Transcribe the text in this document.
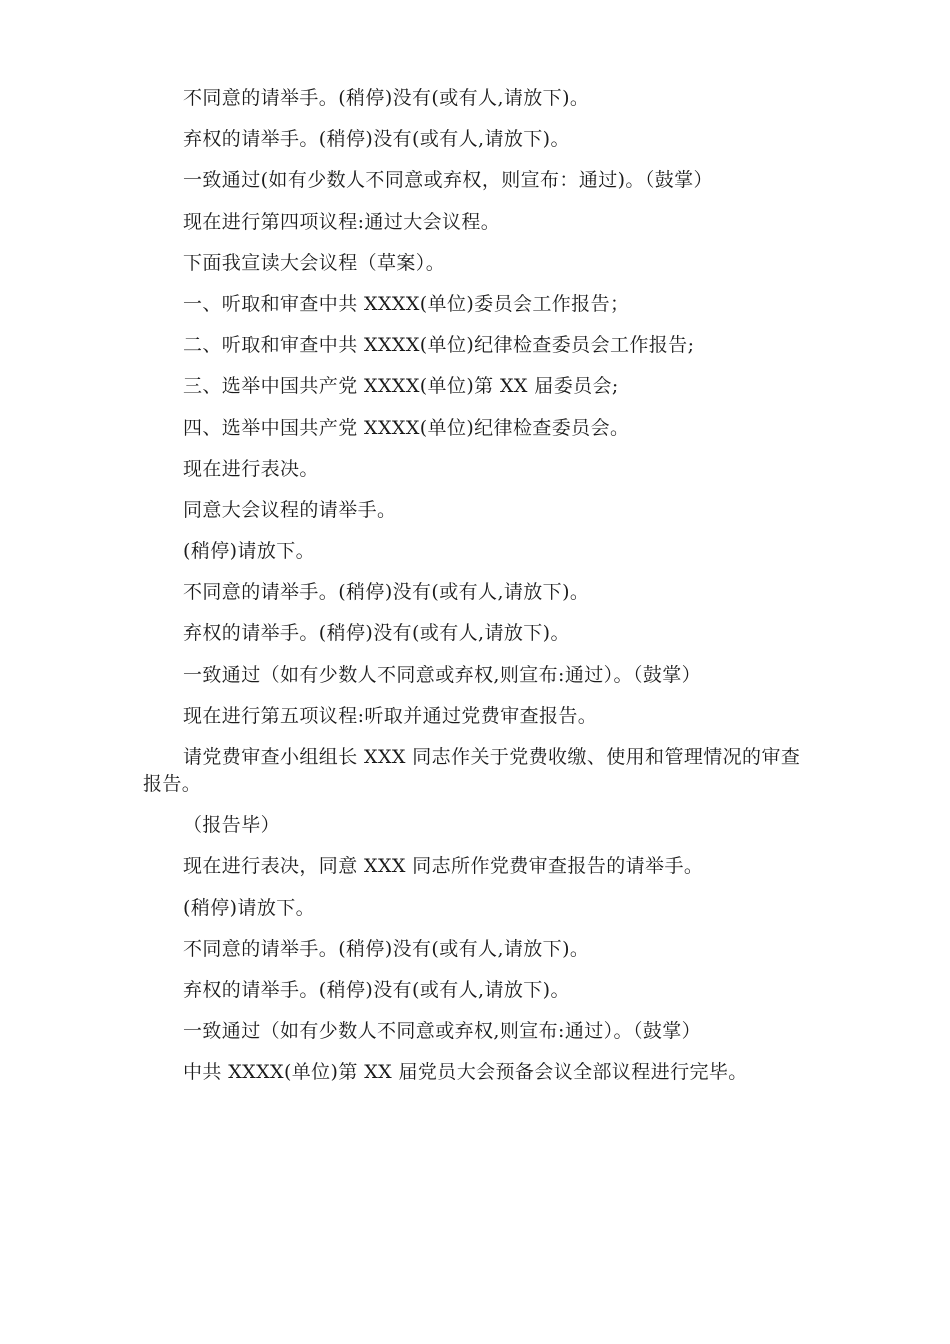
不同意的请举手。(稍停)没有(或有人,请放下)。

弃权的请举手。(稍停)没有(或有人,请放下)。

一致通过(如有少数人不同意或弃权，则宣布：通过)。（鼓掌）

现在进行第四项议程:通过大会议程。

下面我宣读大会议程（草案）。

一、听取和审查中共 XXXX(单位)委员会工作报告；

二、听取和审查中共 XXXX(单位)纪律检查委员会工作报告;

三、选举中国共产党 XXXX(单位)第 XX 届委员会;

四、选举中国共产党 XXXX(单位)纪律检查委员会。

现在进行表决。

同意大会议程的请举手。

(稍停)请放下。

不同意的请举手。(稍停)没有(或有人,请放下)。

弃权的请举手。(稍停)没有(或有人,请放下)。

一致通过（如有少数人不同意或弃权,则宣布:通过）。（鼓掌）

现在进行第五项议程:听取并通过党费审查报告。

请党费审查小组组长 XXX 同志作关于党费收缴、使用和管理情况的审查报告。

（报告毕）

现在进行表决，同意 XXX 同志所作党费审查报告的请举手。

(稍停)请放下。

不同意的请举手。(稍停)没有(或有人,请放下)。

弃权的请举手。(稍停)没有(或有人,请放下)。

一致通过（如有少数人不同意或弃权,则宣布:通过）。（鼓掌）

中共 XXXX(单位)第 XX 届党员大会预备会议全部议程进行完毕。
